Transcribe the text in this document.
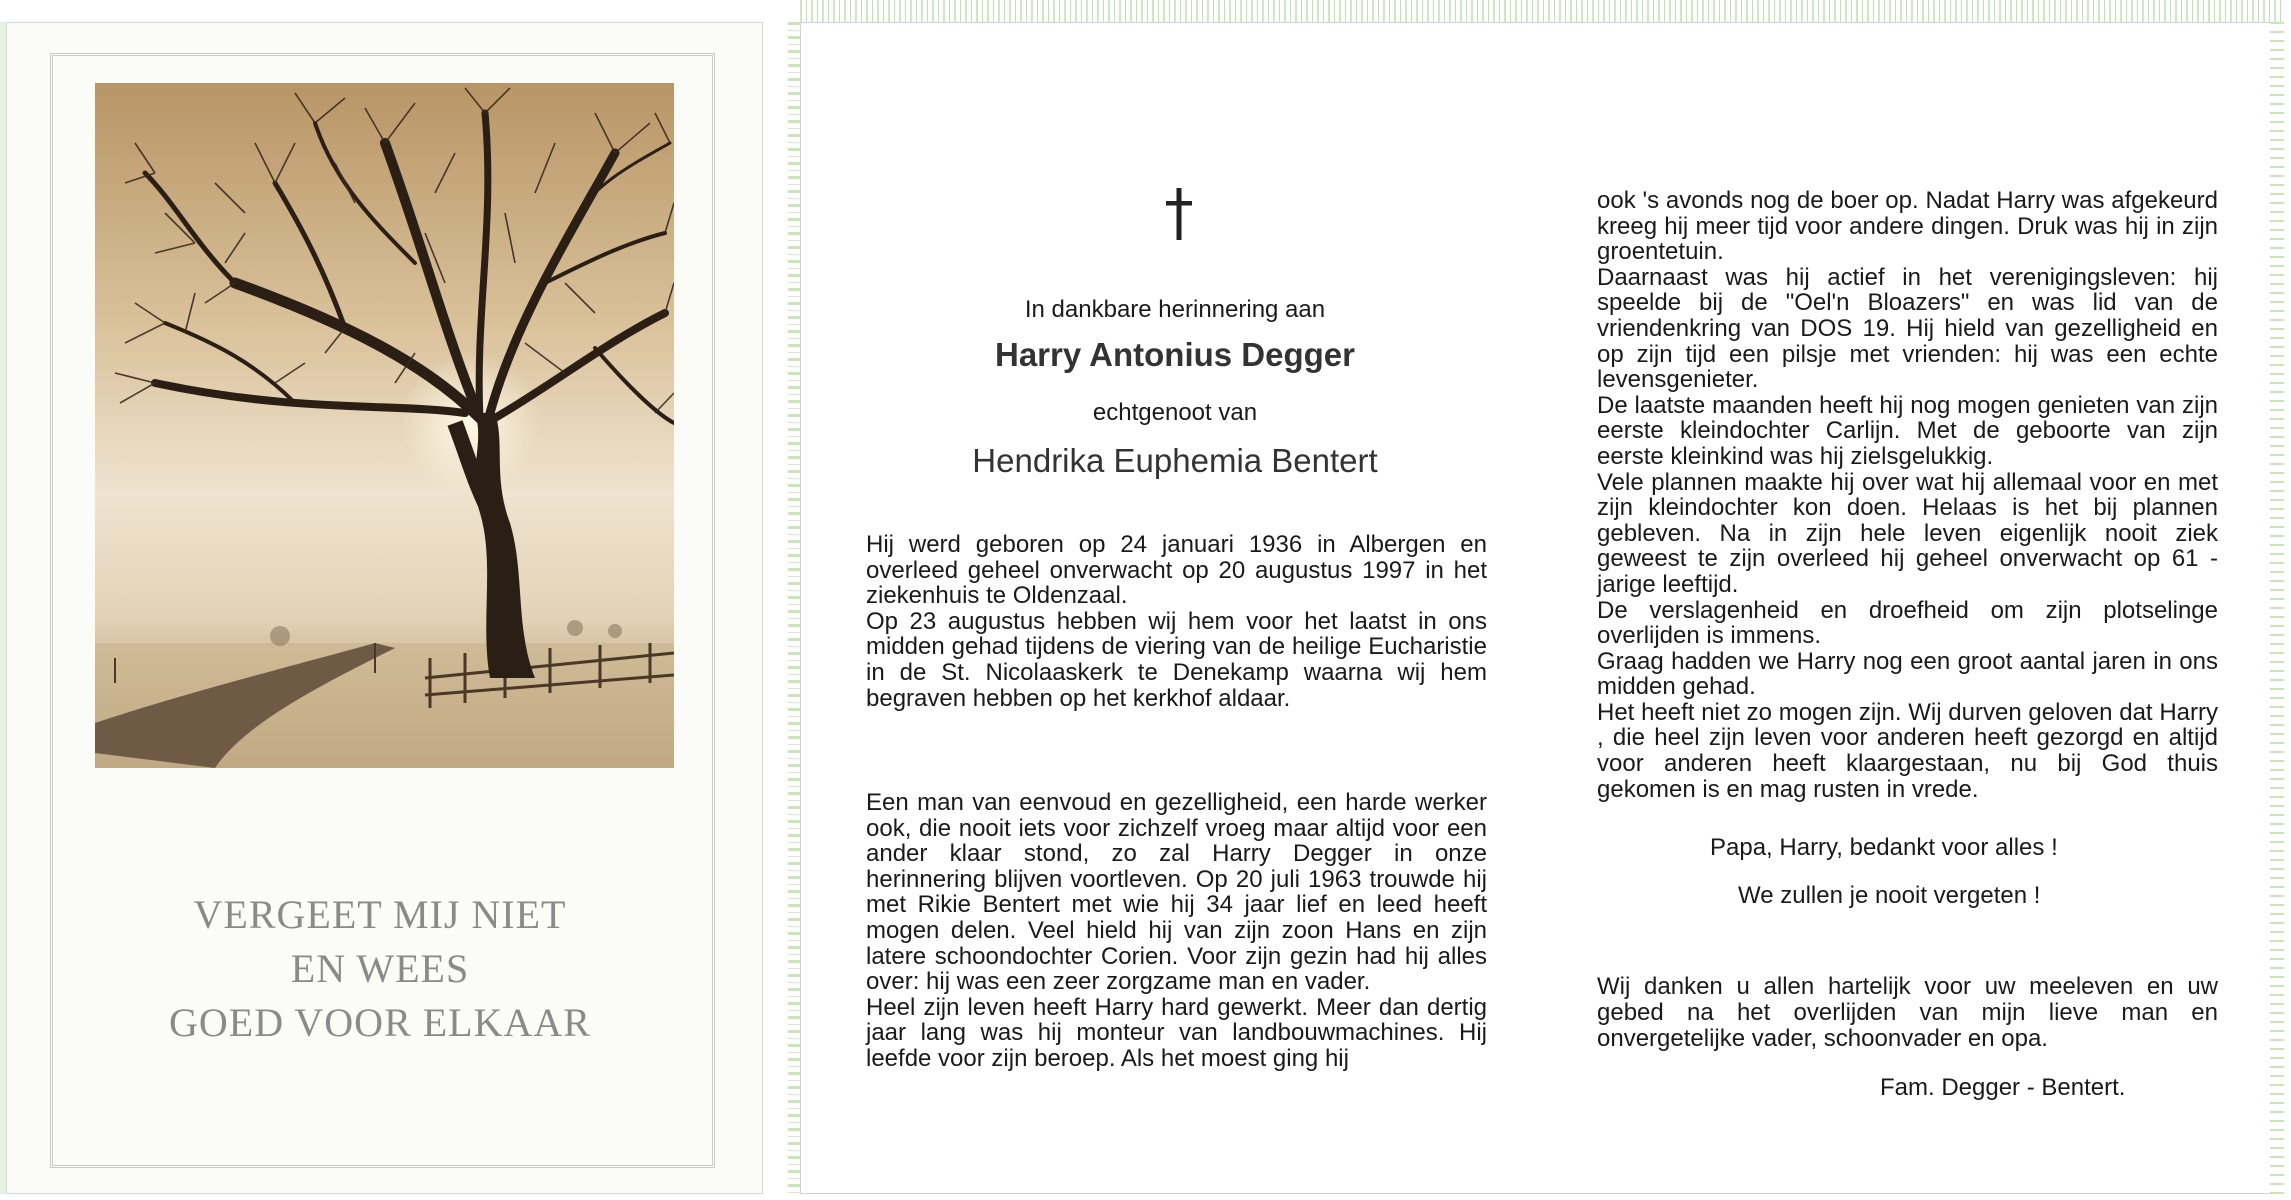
VERGEET MIJ NIET
EN WEES
GOED VOOR ELKAAR
In dankbare herinnering aan
Harry Antonius Degger
echtgenoot van
Hendrika Euphemia Bentert

Hij werd geboren op 24 januari 1936 in Albergen en overleed geheel onverwacht op 20 augustus 1997 in het ziekenhuis te Oldenzaal.

Op 23 augustus hebben wij hem voor het laatst in ons midden gehad tijdens de viering van de heilige Eucharistie in de St. Nicolaaskerk te Denekamp waarna wij hem begraven hebben op het kerkhof aldaar.

Een man van eenvoud en gezelligheid, een harde werker ook, die nooit iets voor zichzelf vroeg maar altijd voor een ander klaar stond, zo zal Harry Degger in onze herinnering blijven voortleven. Op 20 juli 1963 trouwde hij met Rikie Bentert met wie hij 34 jaar lief en leed heeft mogen delen. Veel hield hij van zijn zoon Hans en zijn latere schoondochter Corien. Voor zijn gezin had hij alles over: hij was een zeer zorgzame man en vader.

Heel zijn leven heeft Harry hard gewerkt. Meer dan dertig jaar lang was hij monteur van landbouwmachines. Hij leefde voor zijn beroep. Als het moest ging hij

ook 's avonds nog de boer op. Nadat Harry was afgekeurd kreeg hij meer tijd voor andere dingen. Druk was hij in zijn groentetuin.

Daarnaast was hij actief in het verenigingsleven: hij speelde bij de "Oel'n Bloazers" en was lid van de vriendenkring van DOS 19. Hij hield van gezelligheid en op zijn tijd een pilsje met vrienden: hij was een echte levensgenieter.

De laatste maanden heeft hij nog mogen genieten van zijn eerste kleindochter Carlijn. Met de geboorte van zijn eerste kleinkind was hij zielsgelukkig.

Vele plannen maakte hij over wat hij allemaal voor en met zijn kleindochter kon doen. Helaas is het bij plannen gebleven. Na in zijn hele leven eigenlijk nooit ziek geweest te zijn overleed hij geheel onverwacht op 61 - jarige leeftijd.

De verslagenheid en droefheid om zijn plotselinge overlijden is immens.

Graag hadden we Harry nog een groot aantal jaren in ons midden gehad.

Het heeft niet zo mogen zijn. Wij durven geloven dat Harry , die heel zijn leven voor anderen heeft gezorgd en altijd voor anderen heeft klaargestaan, nu bij God thuis gekomen is en mag rusten in vrede.

Papa, Harry, bedankt voor alles !
We zullen je nooit vergeten !

Wij danken u allen hartelijk voor uw meeleven en uw gebed na het overlijden van mijn lieve man en onvergetelijke vader, schoonvader en opa.

Fam. Degger - Bentert.
